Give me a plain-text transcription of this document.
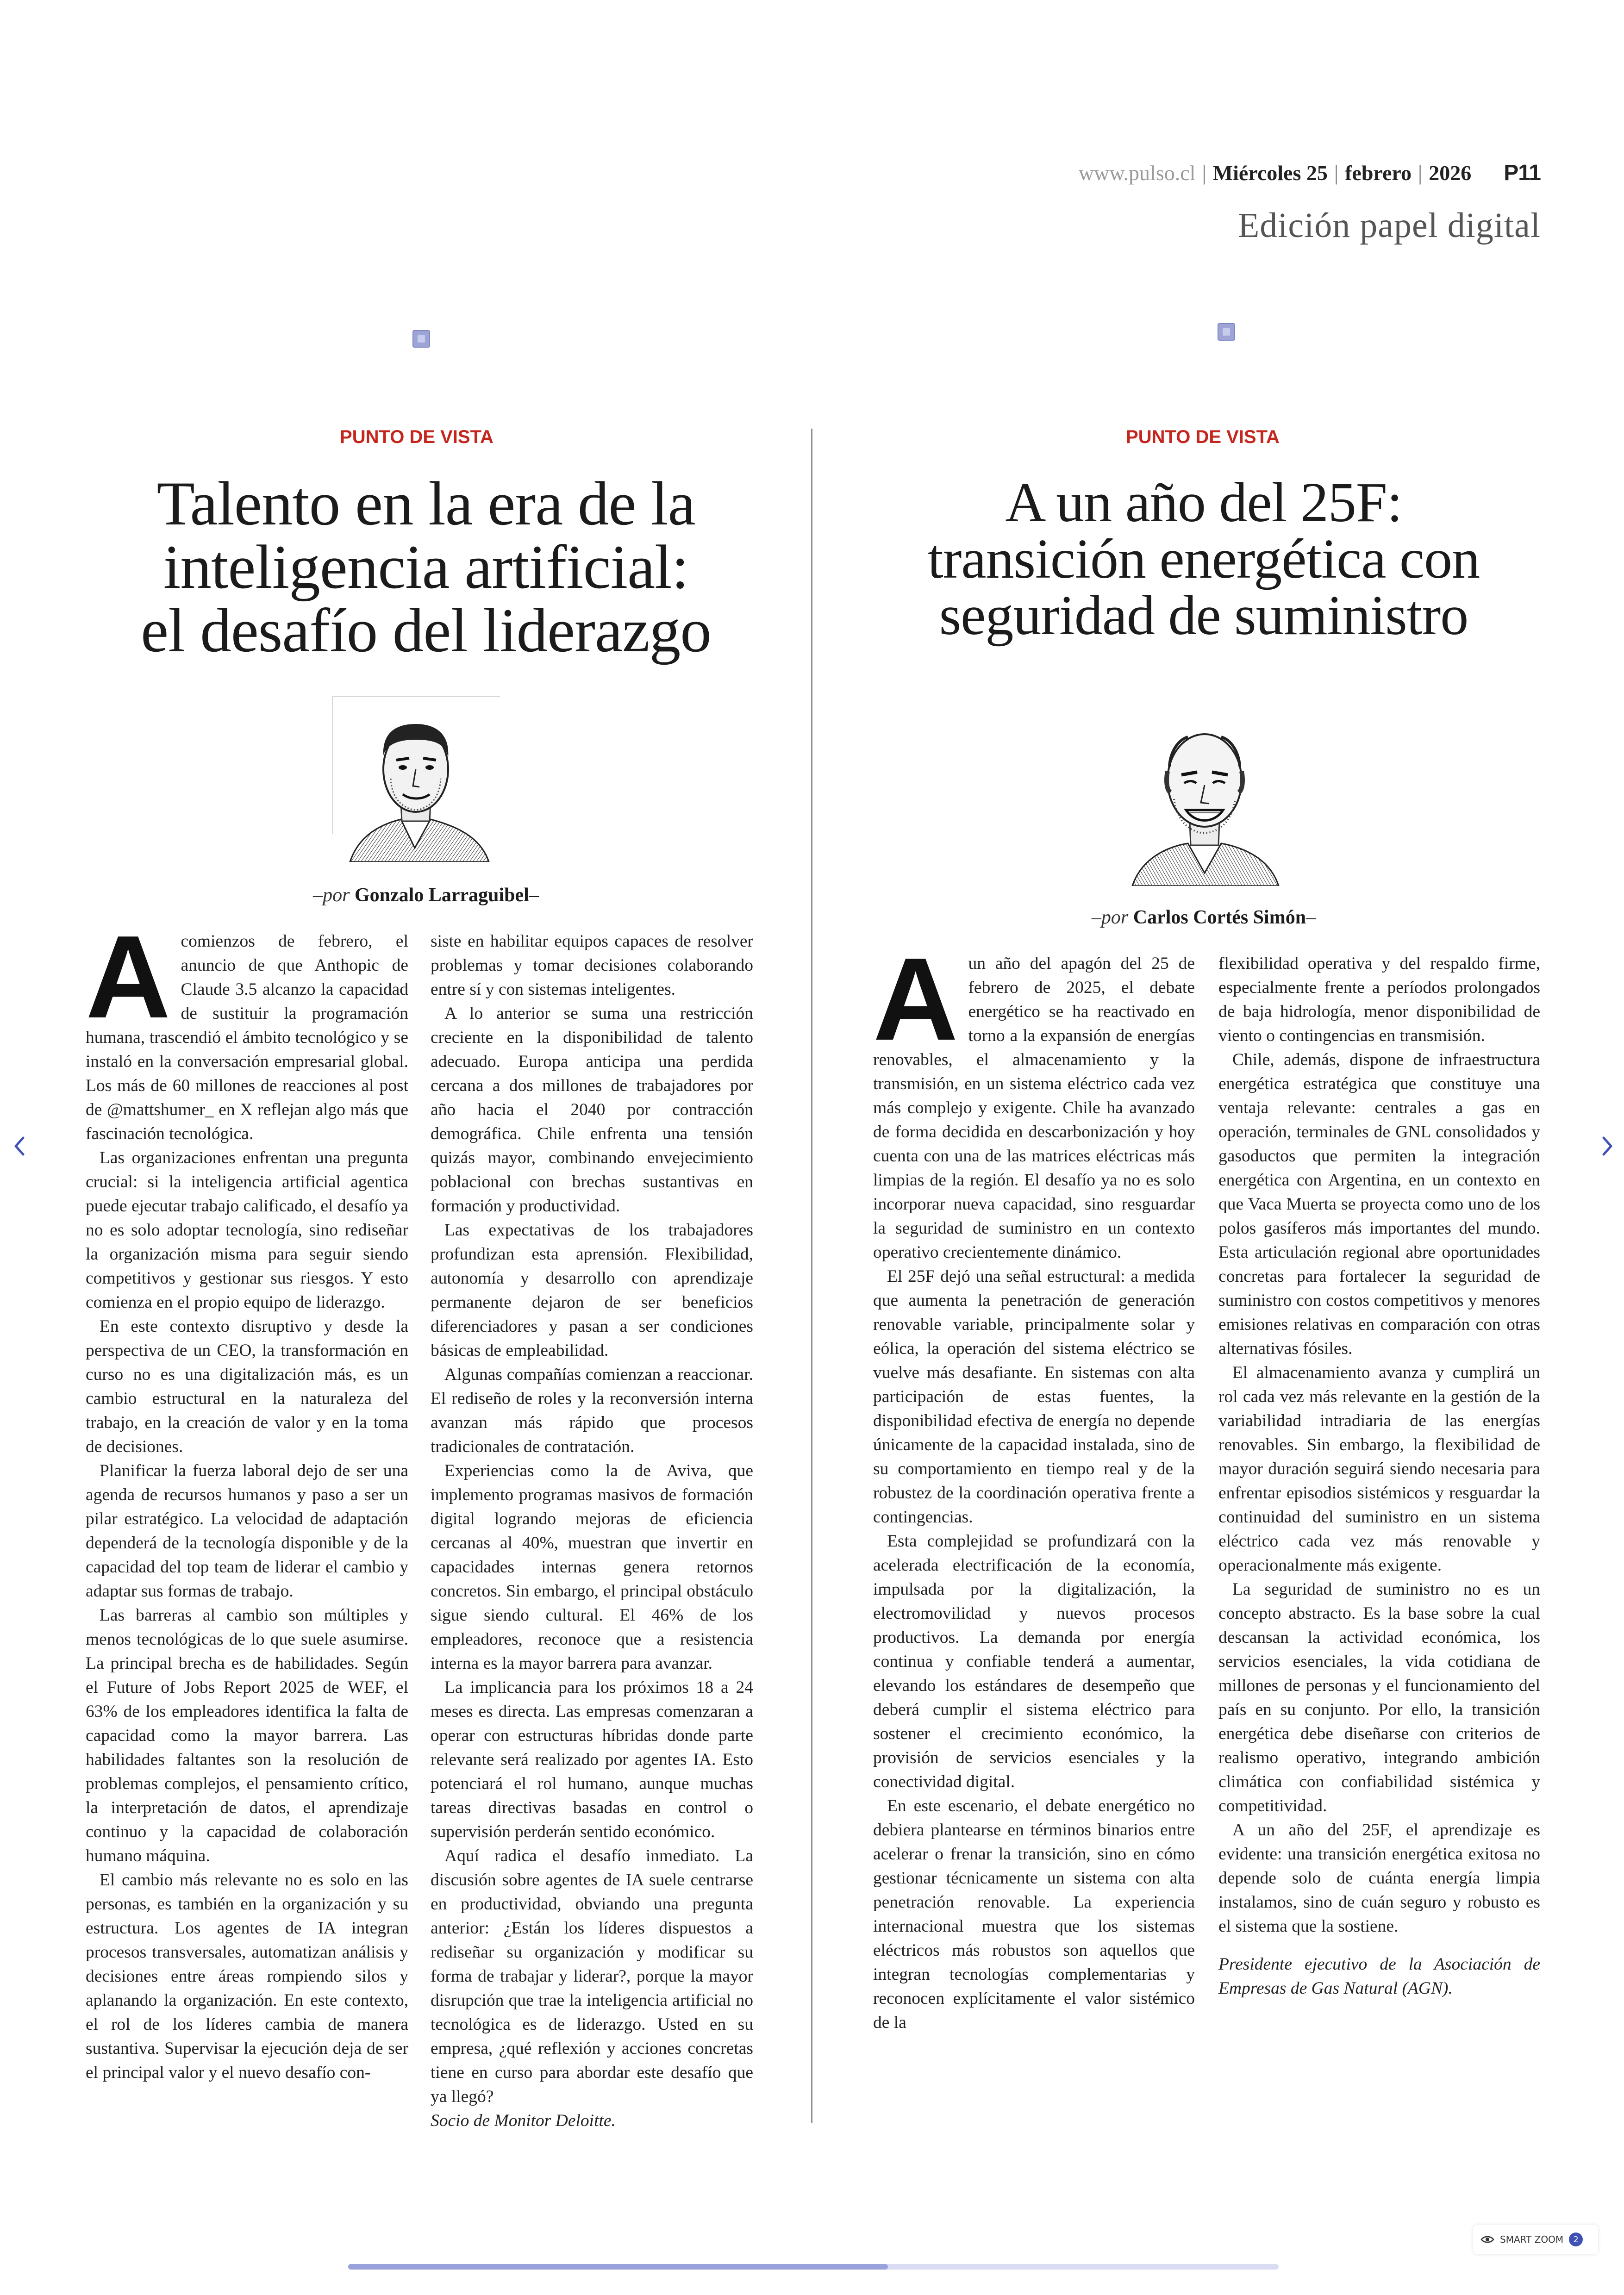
www.pulso.cl | Miércoles 25 | febrero | 2026 P11
Edición papel digital
PUNTO DE VISTA
Talento en la era de la
inteligencia artificial:
el desafío del liderazgo
–por Gonzalo Larraguibel–

A comienzos de febrero, el anuncio de que Anthopic de Claude 3.5 alcanzo la capacidad de sustituir la programación humana, trascendió el ámbito tecnológico y se instaló en la conversación empresarial global. Los más de 60 millones de reacciones al post de @mattshumer_ en X reflejan algo más que fascinación tecnológica.

Las organizaciones enfrentan una pregunta crucial: si la inteligencia artificial agentica puede ejecutar trabajo calificado, el desafío ya no es solo adoptar tecnología, sino rediseñar la organización misma para seguir siendo competitivos y gestionar sus riesgos. Y esto comienza en el propio equipo de liderazgo.

En este contexto disruptivo y desde la perspectiva de un CEO, la transformación en curso no es una digitalización más, es un cambio estructural en la naturaleza del trabajo, en la creación de valor y en la toma de decisiones.

Planificar la fuerza laboral dejo de ser una agenda de recursos humanos y paso a ser un pilar estratégico. La velocidad de adaptación dependerá de la tecnología disponible y de la capacidad del top team de liderar el cambio y adaptar sus formas de trabajo.

Las barreras al cambio son múltiples y menos tecnológicas de lo que suele asumirse. La principal brecha es de habilidades. Según el Future of Jobs Report 2025 de WEF, el 63% de los empleadores identifica la falta de capacidad como la mayor barrera. Las habilidades faltantes son la resolución de problemas complejos, el pensamiento crítico, la interpretación de datos, el aprendizaje continuo y la capacidad de colaboración humano máquina.

El cambio más relevante no es solo en las personas, es también en la organización y su estructura. Los agentes de IA integran procesos transversales, automatizan análisis y decisiones entre áreas rompiendo silos y aplanando la organización. En este contexto, el rol de los líderes cambia de manera sustantiva. Supervisar la ejecución deja de ser el principal valor y el nuevo desafío con-

siste en habilitar equipos capaces de resolver problemas y tomar decisiones colaborando entre sí y con sistemas inteligentes.

A lo anterior se suma una restricción creciente en la disponibilidad de talento adecuado. Europa anticipa una perdida cercana a dos millones de trabajadores por año hacia el 2040 por contracción demográfica. Chile enfrenta una tensión quizás mayor, combinando envejecimiento poblacional con brechas sustantivas en formación y productividad.

Las expectativas de los trabajadores profundizan esta aprensión. Flexibilidad, autonomía y desarrollo con aprendizaje permanente dejaron de ser beneficios diferenciadores y pasan a ser condiciones básicas de empleabilidad.

Algunas compañías comienzan a reaccionar. El rediseño de roles y la reconversión interna avanzan más rápido que procesos tradicionales de contratación.

Experiencias como la de Aviva, que implemento programas masivos de formación digital logrando mejoras de eficiencia cercanas al 40%, muestran que invertir en capacidades internas genera retornos concretos. Sin embargo, el principal obstáculo sigue siendo cultural. El 46% de los empleadores, reconoce que a resistencia interna es la mayor barrera para avanzar.

La implicancia para los próximos 18 a 24 meses es directa. Las empresas comenzaran a operar con estructuras híbridas donde parte relevante será realizado por agentes IA. Esto potenciará el rol humano, aunque muchas tareas directivas basadas en control o supervisión perderán sentido económico.

Aquí radica el desafío inmediato. La discusión sobre agentes de IA suele centrarse en productividad, obviando una pregunta anterior: ¿Están los líderes dispuestos a rediseñar su organización y modificar su forma de trabajar y liderar?, porque la mayor disrupción que trae la inteligencia artificial no tecnológica es de liderazgo. Usted en su empresa, ¿qué reflexión y acciones concretas tiene en curso para abordar este desafío que ya llegó?

Socio de Monitor Deloitte.

PUNTO DE VISTA
A un año del 25F:
transición energética con
seguridad de suministro
–por Carlos Cortés Simón–

A un año del apagón del 25 de febrero de 2025, el debate energético se ha reactivado en torno a la expansión de energías renovables, el almacenamiento y la transmisión, en un sistema eléctrico cada vez más complejo y exigente. Chile ha avanzado de forma decidida en descarbonización y hoy cuenta con una de las matrices eléctricas más limpias de la región. El desafío ya no es solo incorporar nueva capacidad, sino resguardar la seguridad de suministro en un contexto operativo crecientemente dinámico.

El 25F dejó una señal estructural: a medida que aumenta la penetración de generación renovable variable, principalmente solar y eólica, la operación del sistema eléctrico se vuelve más desafiante. En sistemas con alta participación de estas fuentes, la disponibilidad efectiva de energía no depende únicamente de la capacidad instalada, sino de su comportamiento en tiempo real y de la robustez de la coordinación operativa frente a contingencias.

Esta complejidad se profundizará con la acelerada electrificación de la economía, impulsada por la digitalización, la electromovilidad y nuevos procesos productivos. La demanda por energía continua y confiable tenderá a aumentar, elevando los estándares de desempeño que deberá cumplir el sistema eléctrico para sostener el crecimiento económico, la provisión de servicios esenciales y la conectividad digital.

En este escenario, el debate energético no debiera plantearse en términos binarios entre acelerar o frenar la transición, sino en cómo gestionar técnicamente un sistema con alta penetración renovable. La experiencia internacional muestra que los sistemas eléctricos más robustos son aquellos que integran tecnologías complementarias y reconocen explícitamente el valor sistémico de la

flexibilidad operativa y del respaldo firme, especialmente frente a períodos prolongados de baja hidrología, menor disponibilidad de viento o contingencias en transmisión.

Chile, además, dispone de infraestructura energética estratégica que constituye una ventaja relevante: centrales a gas en operación, terminales de GNL consolidados y gasoductos que permiten la integración energética con Argentina, en un contexto en que Vaca Muerta se proyecta como uno de los polos gasíferos más importantes del mundo. Esta articulación regional abre oportunidades concretas para fortalecer la seguridad de suministro con costos competitivos y menores emisiones relativas en comparación con otras alternativas fósiles.

El almacenamiento avanza y cumplirá un rol cada vez más relevante en la gestión de la variabilidad intradiaria de las energías renovables. Sin embargo, la flexibilidad de mayor duración seguirá siendo necesaria para enfrentar episodios sistémicos y resguardar la continuidad del suministro en un sistema eléctrico cada vez más renovable y operacionalmente más exigente.

La seguridad de suministro no es un concepto abstracto. Es la base sobre la cual descansan la actividad económica, los servicios esenciales, la vida cotidiana de millones de personas y el funcionamiento del país en su conjunto. Por ello, la transición energética debe diseñarse con criterios de realismo operativo, integrando ambición climática con confiabilidad sistémica y competitividad.

A un año del 25F, el aprendizaje es evidente: una transición energética exitosa no depende solo de cuánta energía limpia instalamos, sino de cuán seguro y robusto es el sistema que la sostiene.

Presidente ejecutivo de la Asociación de Empresas de Gas Natural (AGN).

SMART ZOOM	2
